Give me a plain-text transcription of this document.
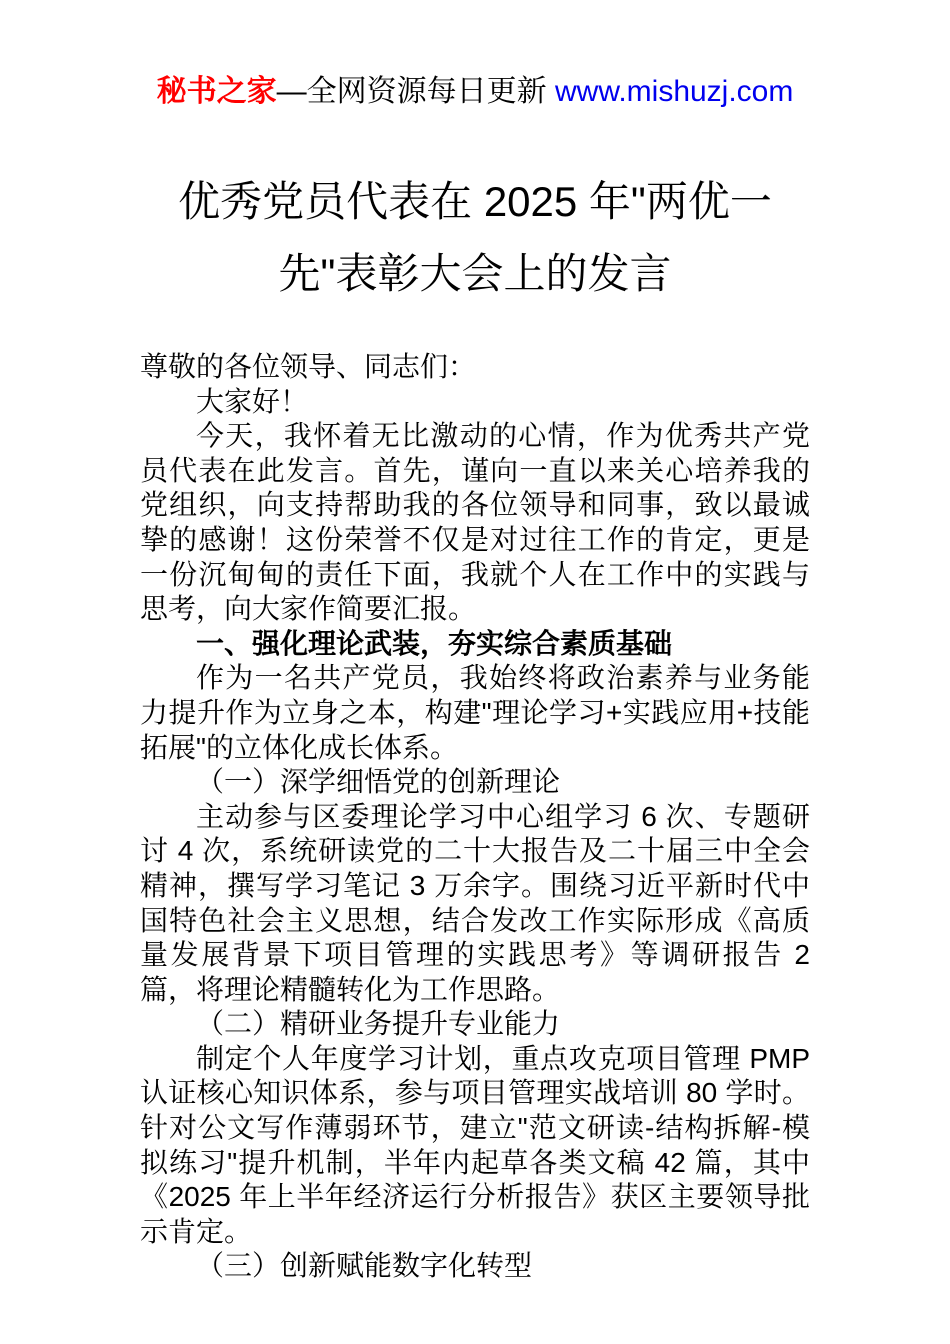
秘书之家—全网资源每日更新 www.mishuzj.com
优秀党员代表在 2025 年"两优一先"表彰大会上的发言

尊敬的各位领导、同志们：

大家好！

今天，我怀着无比激动的心情，作为优秀共产党员代表在此发言。首先，谨向一直以来关心培养我的党组织，向支持帮助我的各位领导和同事，致以最诚挚的感谢！这份荣誉不仅是对过往工作的肯定，更是一份沉甸甸的责任下面，我就个人在工作中的实践与思考，向大家作简要汇报。

一、强化理论武装，夯实综合素质基础

作为一名共产党员，我始终将政治素养与业务能力提升作为立身之本，构建"理论学习+实践应用+技能拓展"的立体化成长体系。

（一）深学细悟党的创新理论

主动参与区委理论学习中心组学习 6 次、专题研讨 4 次，系统研读党的二十大报告及二十届三中全会精神，撰写学习笔记 3 万余字。围绕习近平新时代中国特色社会主义思想，结合发改工作实际形成《高质量发展背景下项目管理的实践思考》等调研报告 2 篇，将理论精髓转化为工作思路。

（二）精研业务提升专业能力

制定个人年度学习计划，重点攻克项目管理 PMP 认证核心知识体系，参与项目管理实战培训 80 学时。针对公文写作薄弱环节，建立"范文研读-结构拆解-模拟练习"提升机制，半年内起草各类文稿 42 篇，其中《2025 年上半年经济运行分析报告》获区主要领导批示肯定。

（三）创新赋能数字化转型
